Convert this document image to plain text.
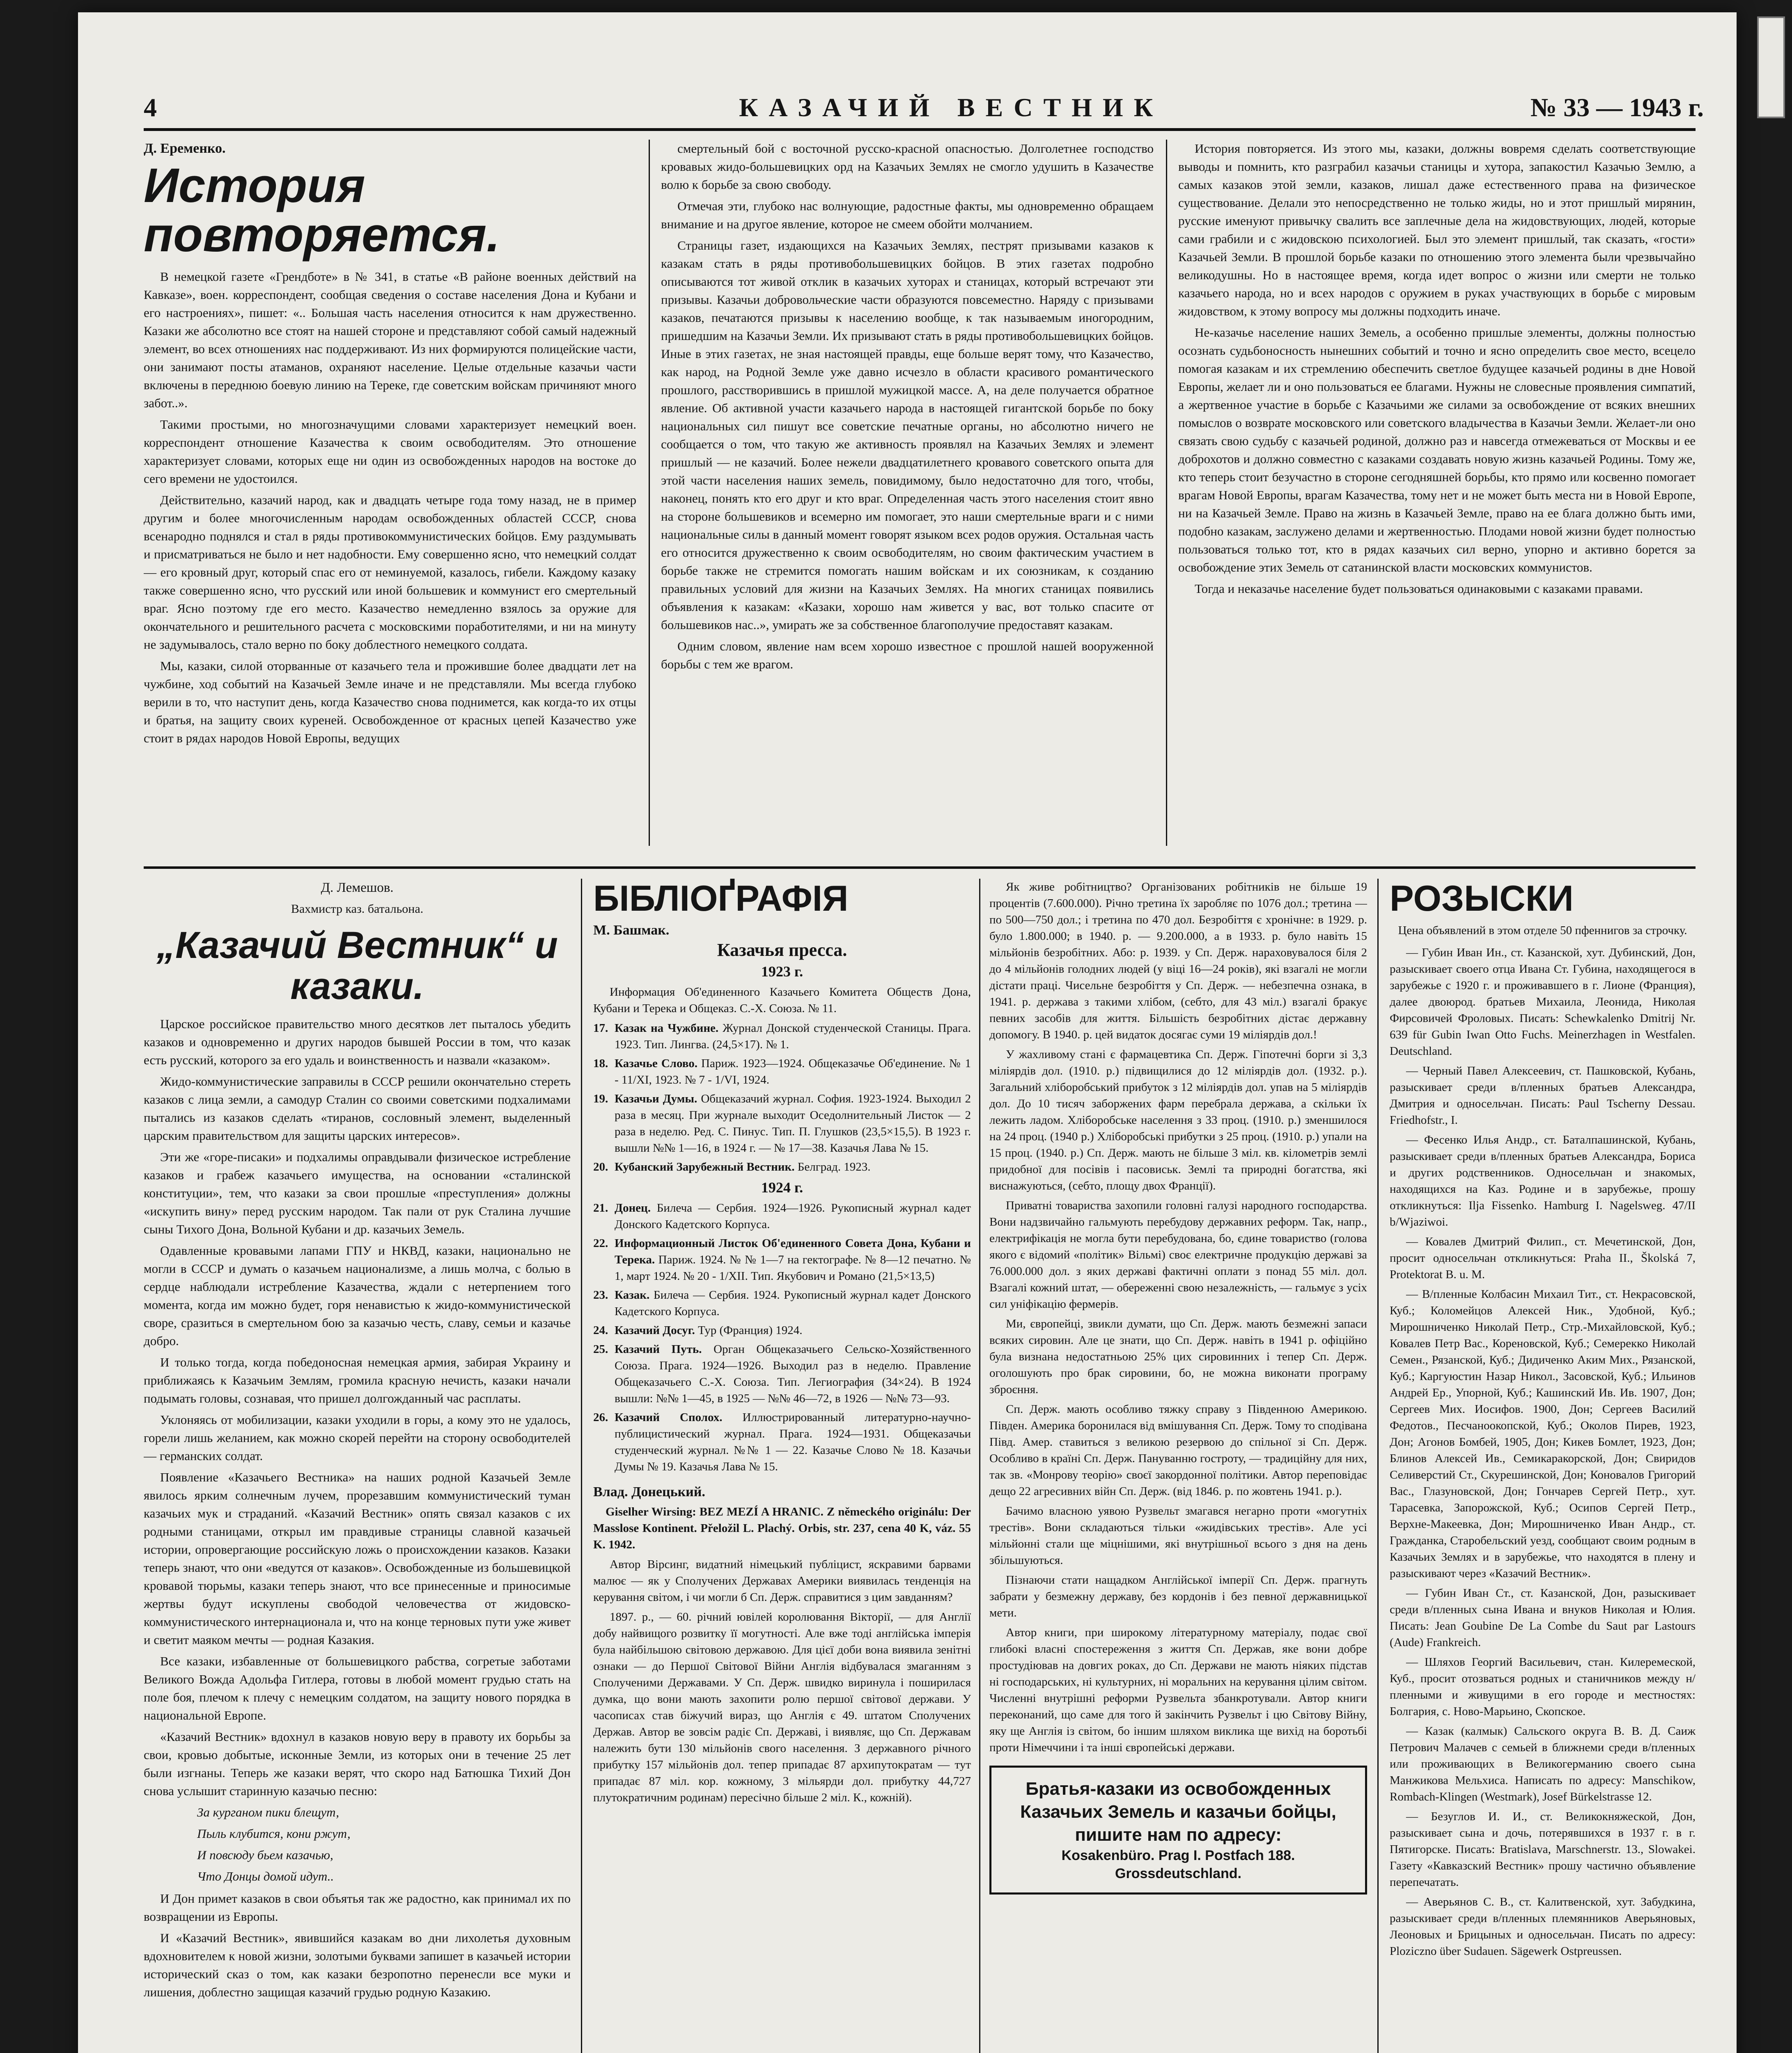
4	КАЗАЧИЙ ВЕСТНИК	№ 33 — 1943 г.

Д. Еременко.

История повторяется.

В немецкой газете «Грендботе» в № 341, в статье «В районе военных действий на Кавказе», воен. корреспондент, сообщая сведения о составе населения Дона и Кубани и его настроениях», пишет: «.. Большая часть населения относится к нам дружественно. Казаки же абсолютно все стоят на нашей стороне и представляют собой самый надежный элемент, во всех отношениях нас поддерживают. Из них формируются полицейские части, они занимают посты атаманов, охраняют население. Целые отдельные казачьи части включены в переднюю боевую линию на Тереке, где советским войскам причиняют много забот..».

Такими простыми, но многозначущими словами характеризует немецкий воен. корреспондент отношение Казачества к своим освободителям. Это отношение характеризует словами, которых еще ни один из освобожденных народов на востоке до сего времени не удостоился.

Действительно, казачий народ, как и двадцать четыре года тому назад, не в пример другим и более многочисленным народам освобожденных областей СССР, снова всенародно поднялся и стал в ряды противокоммунистических бойцов. Ему раздумывать и присматриваться не было и нет надобности. Ему совершенно ясно, что немецкий солдат — его кровный друг, который спас его от неминуемой, казалось, гибели. Каждому казаку также совершенно ясно, что русский или иной большевик и коммунист его смертельный враг. Ясно поэтому где его место. Казачество немедленно взялось за оружие для окончательного и решительного расчета с московскими поработителями, и ни на минуту не задумывалось, стало верно по боку доблестного немецкого солдата.

Мы, казаки, силой оторванные от казачьего тела и прожившие более двадцати лет на чужбине, ход событий на Казачьей Земле иначе и не представляли. Мы всегда глубоко верили в то, что наступит день, когда Казачество снова поднимется, как когда-то их отцы и братья, на защиту своих куреней. Освобожденное от красных цепей Казачество уже стоит в рядах народов Новой Европы, ведущих

смертельный бой с восточной русско-красной опасностью. Долголетнее господство кровавых жидо-большевицких орд на Казачьих Землях не смогло удушить в Казачестве волю к борьбе за свою свободу.

Отмечая эти, глубоко нас волнующие, радостные факты, мы одновременно обращаем внимание и на другое явление, которое не смеем обойти молчанием.

Страницы газет, издающихся на Казачьих Землях, пестрят призывами казаков к казакам стать в ряды противобольшевицких бойцов. В этих газетах подробно описываются тот живой отклик в казачьих хуторах и станицах, который встречают эти призывы. Казачьи добровольческие части образуются повсеместно. Наряду с призывами казаков, печатаются призывы к населению вообще, к так называемым иногородним, пришедшим на Казачьи Земли. Их призывают стать в ряды противобольшевицких бойцов. Иные в этих газетах, не зная настоящей правды, еще больше верят тому, что Казачество, как народ, на Родной Земле уже давно исчезло в области красивого романтического прошлого, расстворившись в пришлой мужицкой массе. А, на деле получается обратное явление. Об активной участи казачьего народа в настоящей гигантской борьбе по боку национальных сил пишут все советские печатные органы, но абсолютно ничего не сообщается о том, что такую же активность проявлял на Казачьих Землях и элемент пришлый — не казачий. Более нежели двадцатилетнего кровавого советского опыта для этой части населения наших земель, повидимому, было недостаточно для того, чтобы, наконец, понять кто его друг и кто враг. Определенная часть этого населения стоит явно на стороне большевиков и всемерно им помогает, это наши смертельные враги и с ними национальные силы в данный момент говорят языком всех родов оружия. Остальная часть его относится дружественно к своим освободителям, но своим фактическим участием в борьбе также не стремится помогать нашим войскам и их союзникам, к созданию правильных условий для жизни на Казачьих Землях. На многих станицах появились объявления к казакам: «Казаки, хорошо нам живется у вас, вот только спасите от большевиков нас..», умирать же за собственное благополучие предоставят казакам.

Одним словом, явление нам всем хорошо известное с прошлой нашей вооруженной борьбы с тем же врагом.

История повторяется. Из этого мы, казаки, должны вовремя сделать соответствующие выводы и помнить, кто разграбил казачьи станицы и хутора, запакостил Казачью Землю, а самых казаков этой земли, казаков, лишал даже естественного права на физическое существование. Делали это непосредственно не только жиды, но и этот пришлый мирянин, русские именуют привычку свалить все заплечные дела на жидовствующих, людей, которые сами грабили и с жидовскою психологией. Был это элемент пришлый, так сказать, «гости» Казачьей Земли. В прошлой борьбе казаки по отношению этого элемента были чрезвычайно великодушны. Но в настоящее время, когда идет вопрос о жизни или смерти не только казачьего народа, но и всех народов с оружием в руках участвующих в борьбе с мировым жидовством, к этому вопросу мы должны подходить иначе.

Не-казачье население наших Земель, а особенно пришлые элементы, должны полностью осознать судьбоносность нынешних событий и точно и ясно определить свое место, всецело помогая казакам и их стремлению обеспечить светлое будущее казачьей родины в дне Новой Европы, желает ли и оно пользоваться ее благами. Нужны не словесные проявления симпатий, а жертвенное участие в борьбе с Казачьими же силами за освобождение от всяких внешних помыслов о возврате московского или советского владычества в Казачьи Земли. Желает-ли оно связать свою судьбу с казачьей родиной, должно раз и навсегда отмежеваться от Москвы и ее доброхотов и должно совместно с казаками создавать новую жизнь казачьей Родины. Тому же, кто теперь стоит безучастно в стороне сегодняшней борьбы, кто прямо или косвенно помогает врагам Новой Европы, врагам Казачества, тому нет и не может быть места ни в Новой Европе, ни на Казачьей Земле. Право на жизнь в Казачьей Земле, право на ее блага должно быть ими, подобно казакам, заслужено делами и жертвенностью. Плодами новой жизни будет полностью пользоваться только тот, кто в рядах казачьих сил верно, упорно и активно борется за освобождение этих Земель от сатанинской власти московских коммунистов.

Тогда и неказачье население будет пользоваться одинаковыми с казаками правами.

Д. Лемешов.

Вахмистр каз. батальона.
„Казачий Вестник“ и казаки.

Царское российское правительство много десятков лет пыталось убедить казаков и одновременно и других народов бывшей России в том, что казак есть русский, которого за его удаль и воинственность и назвали «казаком».

Жидо-коммунистические заправилы в СССР решили окончательно стереть казаков с лица земли, а самодур Сталин со своими советскими подхалимами пытались из казаков сделать «тиранов, сословный элемент, выделенный царским правительством для защиты царских интересов».

Эти же «горе-писаки» и подхалимы оправдывали физическое истребление казаков и грабеж казачьего имущества, на основании «сталинской конституции», тем, что казаки за свои прошлые «преступления» должны «искупить вину» перед русским народом. Так пали от рук Сталина лучшие сыны Тихого Дона, Вольной Кубани и др. казачьих Земель.

Одавленные кровавыми лапами ГПУ и НКВД, казаки, национально не могли в СССР и думать о казачьем национализме, а лишь молча, с болью в сердце наблюдали истребление Казачества, ждали с нетерпением того момента, когда им можно будет, горя ненавистью к жидо-коммунистической своре, сразиться в смертельном бою за казачью честь, славу, семьи и казачье добро.

И только тогда, когда победоносная немецкая армия, забирая Украину и приближаясь к Казачьим Землям, громила красную нечисть, казаки начали подымать головы, сознавая, что пришел долгожданный час расплаты.

Уклоняясь от мобилизации, казаки уходили в горы, а кому это не удалось, горели лишь желанием, как можно скорей перейти на сторону освободителей — германских солдат.

Появление «Казачьего Вестника» на наших родной Казачьей Земле явилось ярким солнечным лучем, прорезавшим коммунистический туман казачьих мук и страданий. «Казачий Вестник» опять связал казаков с их родными станицами, открыл им правдивые страницы славной казачьей истории, опровергающие российскую ложь о происхождении казаков. Казаки теперь знают, что они «ведутся от казаков». Освобожденные из большевицкой кровавой тюрьмы, казаки теперь знают, что все принесенные и приносимые жертвы будут искуплены свободой человечества от жидовско-коммунистического интернационала и, что на конце терновых пути уже живет и светит маяком мечты — родная Казакия.

Все казаки, избавленные от большевицкого рабства, согретые заботами Великого Вожда Адольфа Гитлера, готовы в любой момент грудью стать на поле боя, плечом к плечу с немецким солдатом, на защиту нового порядка в национальной Европе.

«Казачий Вестник» вдохнул в казаков новую веру в правоту их борьбы за свои, кровью добытые, исконные Земли, из которых они в течение 25 лет были изгнаны. Теперь же казаки верят, что скоро над Батюшка Тихий Дон снова услышит старинную казачью песню:

За курганом пики блещут,

Пыль клубится, кони ржут,

И повсюду бьем казачью,

Что Донцы домой идут..

И Дон примет казаков в свои объятья так же радостно, как принимал их по возвращении из Европы.

И «Казачий Вестник», явившийся казакам во дни лихолетья духовным вдохновителем к новой жизни, золотыми буквами запишет в казачьей истории исторический сказ о том, как казаки безропотно перенесли все муки и лишения, доблестно защищая казачий грудью родную Казакию.

БІБЛІОҐРАФІЯ

М. Башмак.

Казачья пресса.
1923 г.

Информация Об'единенного Казачьего Комитета Обществ Дона, Кубани и Терека и Общеказ. С.-Х. Союза. № 11.

17. Казак на Чужбине. Журнал Донской студенческой Станицы. Прага. 1923. Тип. Лингва. (24,5×17). № 1.
18. Казачье Слово. Париж. 1923—1924. Общеказачье Об'единение. № 1 - 11/XI, 1923. № 7 - 1/VI, 1924.
19. Казачьи Думы. Общеказачий журнал. София. 1923-1924. Выходил 2 раза в месяц. При журнале выходит Оседолнительный Листок — 2 раза в неделю. Ред. С. Пинус. Тип. П. Глушков (23,5×15,5). В 1923 г. вышли №№ 1—16, в 1924 г. — № 17—38. Казачья Лава № 15.
20. Кубанский Зарубежный Вестник. Белград. 1923.
1924 г.
21. Донец. Билеча — Сербия. 1924—1926. Рукописный журнал кадет Донского Кадетского Корпуса.
22. Информационный Листок Об'единенного Совета Дона, Кубани и Терека. Париж. 1924. № № 1—7 на гектографе. № 8—12 печатно. № 1, март 1924. № 20 - 1/XII. Тип. Якубович и Романо (21,5×13,5)
23. Казак. Билеча — Сербия. 1924. Рукописный журнал кадет Донского Кадетского Корпуса.
24. Казачий Досуг. Тур (Франция) 1924.
25. Казачий Путь. Орган Общеказачьего Сельско-Хозяйственного Союза. Прага. 1924—1926. Выходил раз в неделю. Правление Общеказачьего С.-Х. Союза. Тип. Легиография (34×24). В 1924 вышли: №№ 1—45, в 1925 — №№ 46—72, в 1926 — №№ 73—93.
26. Казачий Сполох. Иллюстрированный литературно-научно-публицистический журнал. Прага. 1924—1931. Общеказачьи студенческий журнал. №№ 1 — 22. Казачье Слово № 18. Казачьи Думы № 19. Казачья Лава № 15.

Влад. Донецький.

Giselher Wirsing: BEZ MEZÍ A HRANIC. Z německého originálu: Der Masslose Kontinent. Přeložil L. Plachý. Orbis, str. 237, cena 40 K, váz. 55 K. 1942.

Автор Вірсинг, видатний німецький публіцист, яскравими барвами малює — як у Сполучених Державах Америки виявилась тенденція на керування світом, і чи могли б Сп. Держ. справитися з цим завданням?

1897. р., — 60. річний ювілей королювання Вікторії, — для Англії добу найвищого розвитку її могутності. Але вже тоді англійська імперія була найбільшою світовою державою. Для цієї доби вона виявила зенітні ознаки — до Першої Світової Війни Англія відбувалася змаганням з Сполученими Державами. У Сп. Держ. швидко виринула і поширилася думка, що вони мають захопити ролю першої світової держави. У часописах став біжучий вираз, що Англія є 49. штатом Сполучених Держав. Автор ве зовсім радіє Сп. Державі, і виявляє, що Сп. Державам належить бути 130 мільйонів свого населення. З державного річного прибутку 157 мільйонів дол. тепер припадає 87 архипутократам — тут припадає 87 міл. кор. кожному, 3 мільярди дол. прибутку 44,727 плутократичним родинам) пересічно більше 2 міл. К., кожній).

Як живе робітництво? Організованих робітників не більше 19 процентів (7.600.000). Річно третина їх заробляє по 1076 дол.; третина — по 500—750 дол.; і третина по 470 дол. Безробіття є хронічне: в 1929. р. було 1.800.000; в 1940. р. — 9.200.000, а в 1933. р. було навіть 15 мільйонів безробітних. Або: р. 1939. у Сп. Держ. нараховувалося біля 2 до 4 мільйонів голодних людей (у віці 16—24 років), які взагалі не могли дістати праці. Чисельне безробіття у Сп. Держ. — небезпечна ознака, в 1941. р. держава з такими хлібом, (себто, для 43 міл.) взагалі бракує певних засобів для життя. Більшість безробітних дістає державну допомогу. В 1940. р. цей видаток досягає суми 19 міліярдів дол.!

У жахливому стані є фармацевтика Сп. Держ. Гіпотечні борги зі 3,3 міліярдів дол. (1910. р.) підвищилися до 12 міліярдів дол. (1932. р.). Загальний хліборобський прибуток з 12 міліярдів дол. упав на 5 міліярдів дол. До 10 тисяч заборжених фарм перебрала держава, а скільки їх лежить ладом. Хліборобське населення з 33 проц. (1910. р.) зменшилося на 24 проц. (1940 р.) Хліборобські прибутки з 25 проц. (1910. р.) упали на 15 проц. (1940. р.) Сп. Держ. мають не більше 3 міл. кв. кілометрів землі придобної для посівів і пасовиськ. Землі та природні богатства, які виснажуються, (себто, площу двох Франції).

Приватні товариства захопили головні галузі народного господарства. Вони надзвичайно гальмують перебудову державних реформ. Так, напр., електрифікація не могла бути перебудована, бо, єдине товариство (голова якого є відомий «політик» Вільмі) своє електричне продукцію державі за 76.000.000 дол. з яких державі фактичні оплати з понад 55 міл. дол. Взагалі кожний штат, — обереженні свою незалежність, — гальмує з усіх сил уніфікацію фермерів.

Ми, європейці, звикли думати, що Сп. Держ. мають безмежні запаси всяких сировин. Але це знати, що Сп. Держ. навіть в 1941 р. офіційно була визнана недостатньою 25% цих сировинних і тепер Сп. Держ. оголошують про брак сировини, бо, не можна виконати програму зброєння.

Сп. Держ. мають особливо тяжку справу з Південною Америкою. Півден. Америка боронилася від вмішування Сп. Держ. Тому то сподівана Півд. Амер. ставиться з великою резервою до спільної зі Сп. Держ. Особливо в країні Сп. Держ. Пануванню гостроту, — традиційну для них, так зв. «Монрову теорію» своєї закордонної політики. Автор переповідає дещо 22 агресивних війн Сп. Держ. (від 1846. р. по жовтень 1941. р.).

Бачимо власною уявою Рузвельт змагався негарно проти «могутніх трестів». Вони складаються тільки «жидівських трестів». Але усі мільйонні стали ще міцнішими, які внутрішньої всього з дня на день збільшуються.

Пізнаючи стати нащадком Англійської імперії Сп. Держ. прагнуть забрати у безмежну державу, без кордонів і без певної державницької мети.

Автор книги, при широкому літературному матеріалу, подає свої глибокі власні спостереження з життя Сп. Держав, яке вони добре простудіював на довгих роках, до Сп. Держави не мають ніяких підстав ні господарських, ні культурних, ні моральних на керування цілим світом. Численні внутрішні реформи Рузвельта збанкротували. Автор книги переконаний, що саме для того й закінчить Рузвельт і цю Світову Війну, яку ще Англія із світом, бо іншим шляхом виклика ще вихід на боротьбі проти Німеччини і та інші європейські держави.

Братья-казаки из освобожденных Казачьих Земель и казачьи бойцы, пишите нам по адресу:
Kosakenbüro. Prag I. Postfach 188. Grossdeutschland.
РОЗЫСКИ

Цена объявлений в этом отделе 50 пфеннигов за строчку.

— Губин Иван Ин., ст. Казанской, хут. Дубинский, Дон, разыскивает своего отца Ивана Ст. Губина, находящегося в зарубежье с 1920 г. и проживавшего в г. Лионе (Франция), далее двоюрод. братьев Михаила, Леонида, Николая Фирсовичей Фроловых. Писать: Schewkalenko Dmitrij Nr. 639 für Gubin Iwan Otto Fuchs. Meinerzhagen in Westfalen. Deutschland.

— Черный Павел Алексеевич, ст. Пашковской, Кубань, разыскивает среди в/пленных братьев Александра, Дмитрия и односельчан. Писать: Paul Tscherny Dessau. Friedhofstr., I.

— Фесенко Илья Андр., ст. Баталпашинской, Кубань, разыскивает среди в/пленных братьев Александра, Бориса и других родственников. Односельчан и знакомых, находящихся на Каз. Родине и в зарубежье, прошу откликнуться: Ilja Fissenko. Hamburg I. Nagelsweg. 47/II b/Wjaziwoi.

— Ковалев Дмитрий Филип., ст. Мечетинской, Дон, просит односельчан откликнуться: Praha II., Školská 7, Protektorat B. u. M.

— В/пленные Колбасин Михаил Тит., ст. Некрасовской, Куб.; Коломейцов Алексей Ник., Удобной, Куб.; Мирошниченко Николай Петр., Стр.-Михайловской, Куб.; Ковалев Петр Вас., Кореновской, Куб.; Семерекко Николай Семен., Рязанской, Куб.; Дидиченко Аким Мих., Рязанской, Куб.; Каргуюстин Назар Никол., Засовской, Куб.; Ильинов Андрей Ер., Упорной, Куб.; Кашинский Ив. Ив. 1907, Дон; Сергеев Мих. Иосифов. 1900, Дон; Сергеев Василий Федотов., Песчаноокопской, Куб.; Околов Пирев, 1923, Дон; Агонов Бомбей, 1905, Дон; Кикев Бомлет, 1923, Дон; Блинов Алексей Ив., Семикаракорской, Дон; Свиридов Селиверстий Ст., Скурешинской, Дон; Коновалов Григорий Вас., Глазуновской, Дон; Гончарев Сергей Петр., хут. Тарасевка, Запорожской, Куб.; Осипов Сергей Петр., Верхне-Макеевка, Дон; Мирошниченко Иван Андр., ст. Гражданка, Старобельский уезд, сообщают своим родным в Казачьих Землях и в зарубежье, что находятся в плену и разыскивают через «Казачий Вестник».

— Губин Иван Ст., ст. Казанской, Дон, разыскивает среди в/пленных сына Ивана и внуков Николая и Юлия. Писать: Jean Goubine De La Combe du Saut par Lastours (Aude) Frankreich.

— Шляхов Георгий Васильевич, стан. Килеремеской, Куб., просит отозваться родных и станичников между н/пленными и живущими в его городе и местностях: Болгария, с. Ново-Марьино, Скопское.

— Казак (калмык) Сальского округа В. В. Д. Саиж Петрович Малачев с семьей в ближнеми среди в/пленных или проживающих в Великогерманию своего сына Манжикова Мельхиса. Написать по адресу: Manschikow, Rombach-Klingen (Westmark), Josef Bürkelstrasse 12.

— Безуглов И. И., ст. Великокняжеской, Дон, разыскивает сына и дочь, потерявшихся в 1937 г. в г. Пятигорске. Писать: Bratislava, Marschnerstr. 13., Slowakei. Газету «Кавказский Вестник» прошу частично объявление перепечатать.

— Аверьянов С. В., ст. Калитвенской, хут. Забудкина, разыскивает среди в/пленных племянников Аверьяновых, Леоновых и Брицыных и односельчан. Писать по адресу: Ploziczno über Sudauen. Sägewerk Ostpreussen.
